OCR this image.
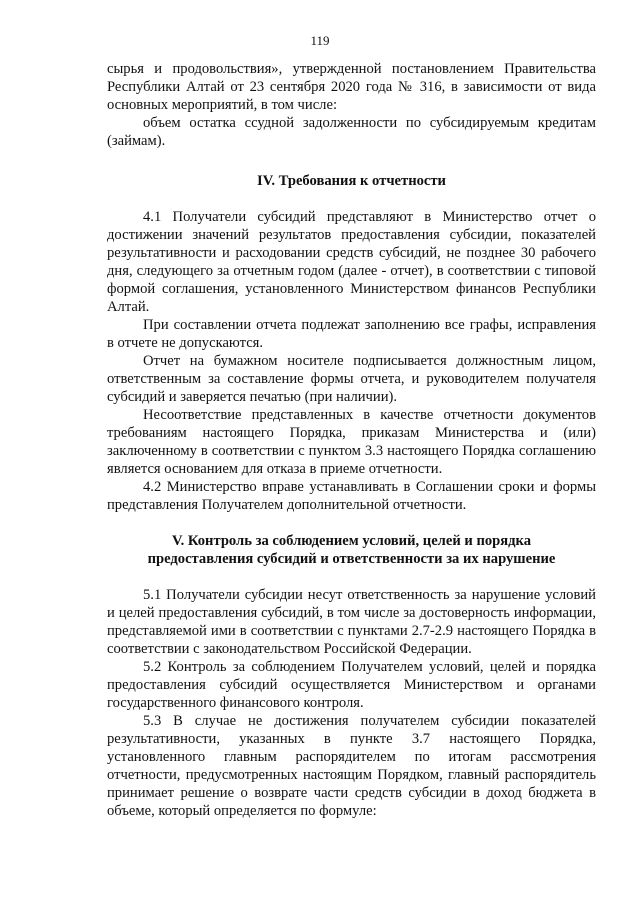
119

сырья и продовольствия», утвержденной постановлением Правительства Республики Алтай от 23 сентября 2020 года № 316, в зависимости от вида основных мероприятий, в том числе:

объем остатка ссудной задолженности по субсидируемым кредитам (займам).

IV. Требования к отчетности

4.1 Получатели субсидий представляют в Министерство отчет о достижении значений результатов предоставления субсидии, показателей результативности и расходовании средств субсидий, не позднее 30 рабочего дня, следующего за отчетным годом (далее - отчет), в соответствии с типовой формой соглашения, установленного Министерством финансов Республики Алтай.

При составлении отчета подлежат заполнению все графы, исправления в отчете не допускаются.

Отчет на бумажном носителе подписывается должностным лицом, ответственным за составление формы отчета, и руководителем получателя субсидий и заверяется печатью (при наличии).

Несоответствие представленных в качестве отчетности документов требованиям настоящего Порядка, приказам Министерства и (или) заключенному в соответствии с пунктом 3.3 настоящего Порядка соглашению является основанием для отказа в приеме отчетности.

4.2 Министерство вправе устанавливать в Соглашении сроки и формы представления Получателем дополнительной отчетности.

V. Контроль за соблюдением условий, целей и порядка
предоставления субсидий и ответственности за их нарушение

5.1 Получатели субсидии несут ответственность за нарушение условий и целей предоставления субсидий, в том числе за достоверность информации, представляемой ими в соответствии с пунктами 2.7-2.9 настоящего Порядка в соответствии с законодательством Российской Федерации.

5.2 Контроль за соблюдением Получателем условий, целей и порядка предоставления субсидий осуществляется Министерством и органами государственного финансового контроля.

5.3 В случае не достижения получателем субсидии показателей результативности, указанных в пункте 3.7 настоящего Порядка, установленного главным распорядителем по итогам рассмотрения отчетности, предусмотренных настоящим Порядком, главный распорядитель принимает решение о возврате части средств субсидии в доход бюджета в объеме, который определяется по формуле:
